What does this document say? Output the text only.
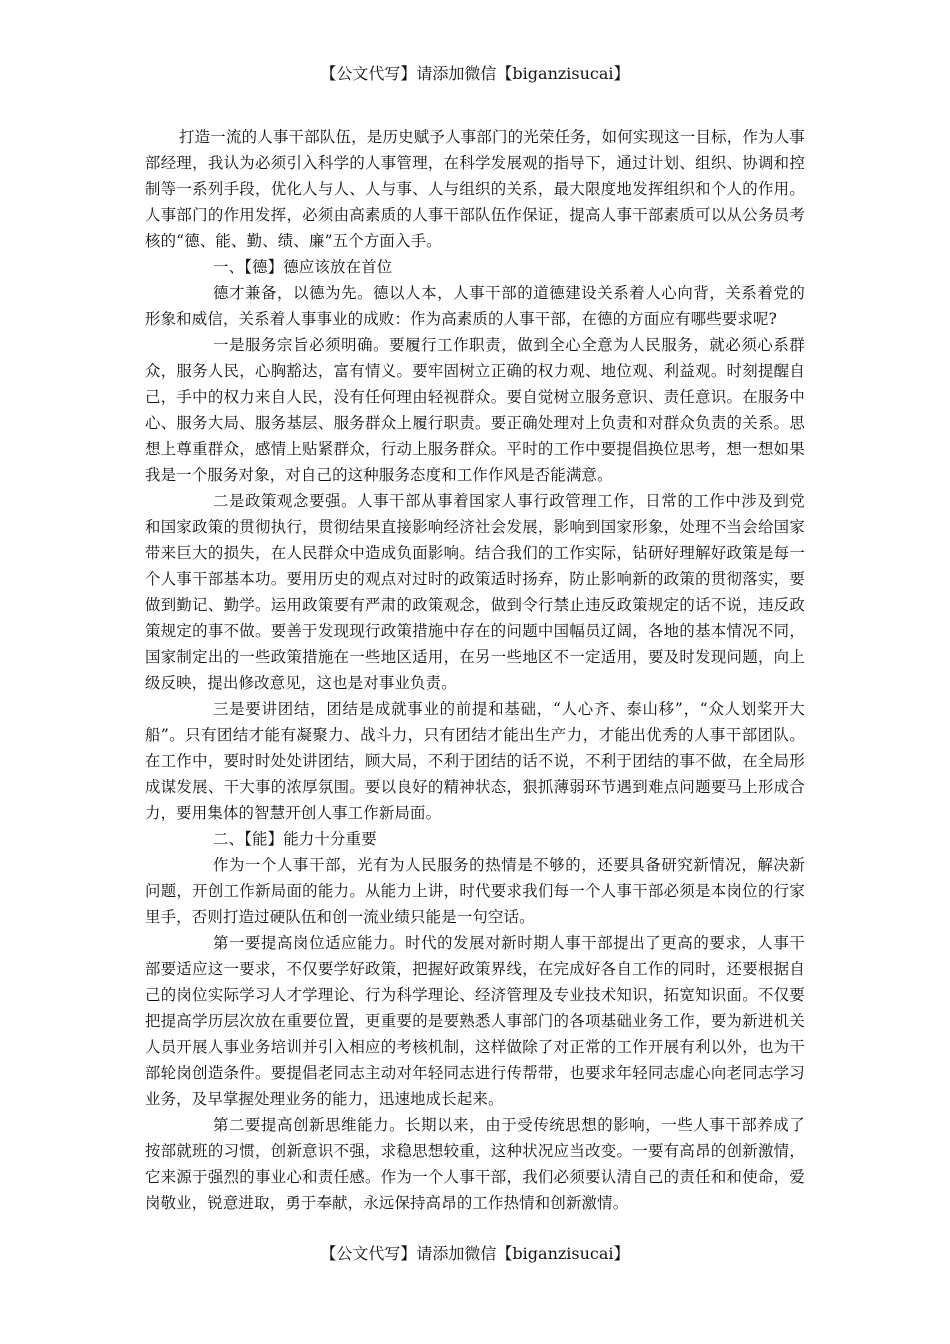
【公文代写】请添加微信【biganzisucai】

打造一流的人事干部队伍，是历史赋予人事部门的光荣任务，如何实现这一目标，作为人事部经理，我认为必须引入科学的人事管理，在科学发展观的指导下，通过计划、组织、协调和控制等一系列手段，优化人与人、人与事、人与组织的关系，最大限度地发挥组织和个人的作用。人事部门的作用发挥，必须由高素质的人事干部队伍作保证，提高人事干部素质可以从公务员考核的“德、能、勤、绩、廉”五个方面入手。

一、【德】德应该放在首位

德才兼备，以德为先。德以人本，人事干部的道德建设关系着人心向背，关系着党的形象和威信，关系着人事事业的成败：作为高素质的人事干部，在德的方面应有哪些要求呢?

一是服务宗旨必须明确。要履行工作职责，做到全心全意为人民服务，就必须心系群众，服务人民，心胸豁达，富有情义。要牢固树立正确的权力观、地位观、利益观。时刻提醒自己，手中的权力来自人民，没有任何理由轻视群众。要自觉树立服务意识、责任意识。在服务中心、服务大局、服务基层、服务群众上履行职责。要正确处理对上负责和对群众负责的关系。思想上尊重群众，感情上贴紧群众，行动上服务群众。平时的工作中要提倡换位思考，想一想如果我是一个服务对象，对自己的这种服务态度和工作作风是否能满意。

二是政策观念要强。人事干部从事着国家人事行政管理工作，日常的工作中涉及到党和国家政策的贯彻执行，贯彻结果直接影响经济社会发展，影响到国家形象，处理不当会给国家带来巨大的损失，在人民群众中造成负面影响。结合我们的工作实际，钻研好理解好政策是每一个人事干部基本功。要用历史的观点对过时的政策适时扬弃，防止影响新的政策的贯彻落实，要做到勤记、勤学。运用政策要有严肃的政策观念，做到令行禁止违反政策规定的话不说，违反政策规定的事不做。要善于发现现行政策措施中存在的问题中国幅员辽阔，各地的基本情况不同，国家制定出的一些政策措施在一些地区适用，在另一些地区不一定适用，要及时发现问题，向上级反映，提出修改意见，这也是对事业负责。

三是要讲团结，团结是成就事业的前提和基础，“人心齐、泰山移”，“众人划桨开大船”。只有团结才能有凝聚力、战斗力，只有团结才能出生产力，才能出优秀的人事干部团队。在工作中，要时时处处讲团结，顾大局，不利于团结的话不说，不利于团结的事不做，在全局形成谋发展、干大事的浓厚氛围。要以良好的精神状态，狠抓薄弱环节遇到难点问题要马上形成合力，要用集体的智慧开创人事工作新局面。

二、【能】能力十分重要

作为一个人事干部，光有为人民服务的热情是不够的，还要具备研究新情况，解决新问题，开创工作新局面的能力。从能力上讲，时代要求我们每一个人事干部必须是本岗位的行家里手，否则打造过硬队伍和创一流业绩只能是一句空话。

第一要提高岗位适应能力。时代的发展对新时期人事干部提出了更高的要求，人事干部要适应这一要求，不仅要学好政策，把握好政策界线，在完成好各自工作的同时，还要根据自己的岗位实际学习人才学理论、行为科学理论、经济管理及专业技术知识，拓宽知识面。不仅要把提高学历层次放在重要位置，更重要的是要熟悉人事部门的各项基础业务工作，要为新进机关人员开展人事业务培训并引入相应的考核机制，这样做除了对正常的工作开展有利以外，也为干部轮岗创造条件。要提倡老同志主动对年轻同志进行传帮带，也要求年轻同志虚心向老同志学习业务，及早掌握处理业务的能力，迅速地成长起来。

第二要提高创新思维能力。长期以来，由于受传统思想的影响，一些人事干部养成了按部就班的习惯，创新意识不强，求稳思想较重，这种状况应当改变。一要有高昂的创新激情，它来源于强烈的事业心和责任感。作为一个人事干部，我们必须要认清自己的责任和和使命，爱岗敬业，锐意进取，勇于奉献，永远保持高昂的工作热情和创新激情。

【公文代写】请添加微信【biganzisucai】
